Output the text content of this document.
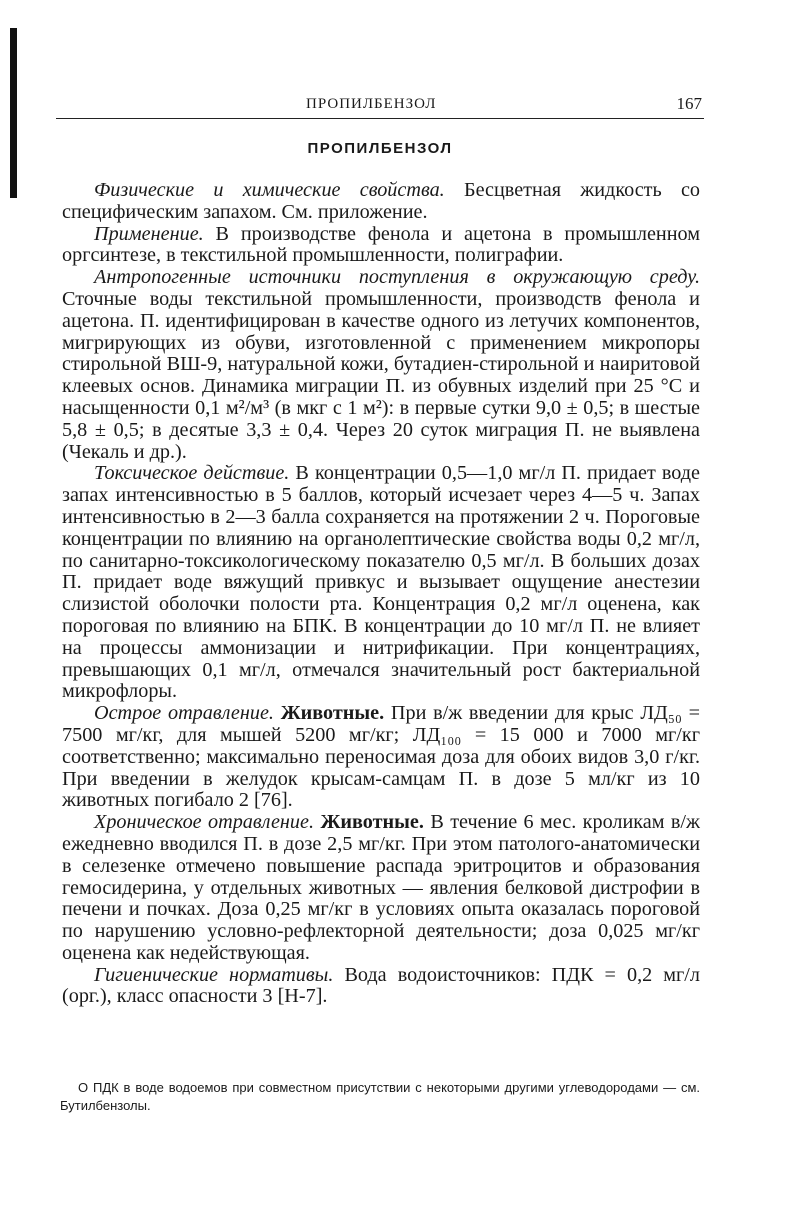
ПРОПИЛБЕНЗОЛ	167
ПРОПИЛБЕНЗОЛ

Физические и химические свойства. Бесцветная жидкость со специфическим запахом. См. приложение.

Применение. В производстве фенола и ацетона в промышленном оргсинтезе, в текстильной промышленности, полиграфии.

Антропогенные источники поступления в окружающую среду. Сточные воды текстильной промышленности, производств фенола и ацетона. П. идентифицирован в качестве одного из летучих компонентов, мигрирующих из обуви, изготовленной с применением микропоры стирольной ВШ-9, натуральной кожи, бутадиен-стирольной и наиритовой клеевых основ. Динамика миграции П. из обувных изделий при 25 °С и насыщенности 0,1 м²/м³ (в мкг с 1 м²): в первые сутки 9,0 ± 0,5; в шестые 5,8 ± 0,5; в десятые 3,3 ± 0,4. Через 20 суток миграция П. не выявлена (Чекаль и др.).

Токсическое действие. В концентрации 0,5—1,0 мг/л П. придает воде запах интенсивностью в 5 баллов, который исчезает через 4—5 ч. Запах интенсивностью в 2—3 балла сохраняется на протяжении 2 ч. Пороговые концентрации по влиянию на органолептические свойства воды 0,2 мг/л, по санитарно-токсикологическому показателю 0,5 мг/л. В больших дозах П. придает воде вяжущий привкус и вызывает ощущение анестезии слизистой оболочки полости рта. Концентрация 0,2 мг/л оценена, как пороговая по влиянию на БПК. В концентрации до 10 мг/л П. не влияет на процессы аммонизации и нитрификации. При концентрациях, превышающих 0,1 мг/л, отмечался значительный рост бактериальной микрофлоры.

Острое отравление. Животные. При в/ж введении для крыс ЛД₅₀ = 7500 мг/кг, для мышей 5200 мг/кг; ЛД₁₀₀ = 15 000 и 7000 мг/кг соответственно; максимально переносимая доза для обоих видов 3,0 г/кг. При введении в желудок крысам-самцам П. в дозе 5 мл/кг из 10 животных погибало 2 [76].

Хроническое отравление. Животные. В течение 6 мес. кроликам в/ж ежедневно вводился П. в дозе 2,5 мг/кг. При этом патолого-анатомически в селезенке отмечено повышение распада эритроцитов и образования гемосидерина, у отдельных животных — явления белковой дистрофии в печени и почках. Доза 0,25 мг/кг в условиях опыта оказалась пороговой по нарушению условно-рефлекторной деятельности; доза 0,025 мг/кг оценена как недействующая.

Гигиенические нормативы. Вода водоисточников: ПДК = 0,2 мг/л (орг.), класс опасности 3 [Н-7].

О ПДК в воде водоемов при совместном присутствии с некоторыми другими углеводородами — см. Бутилбензолы.
